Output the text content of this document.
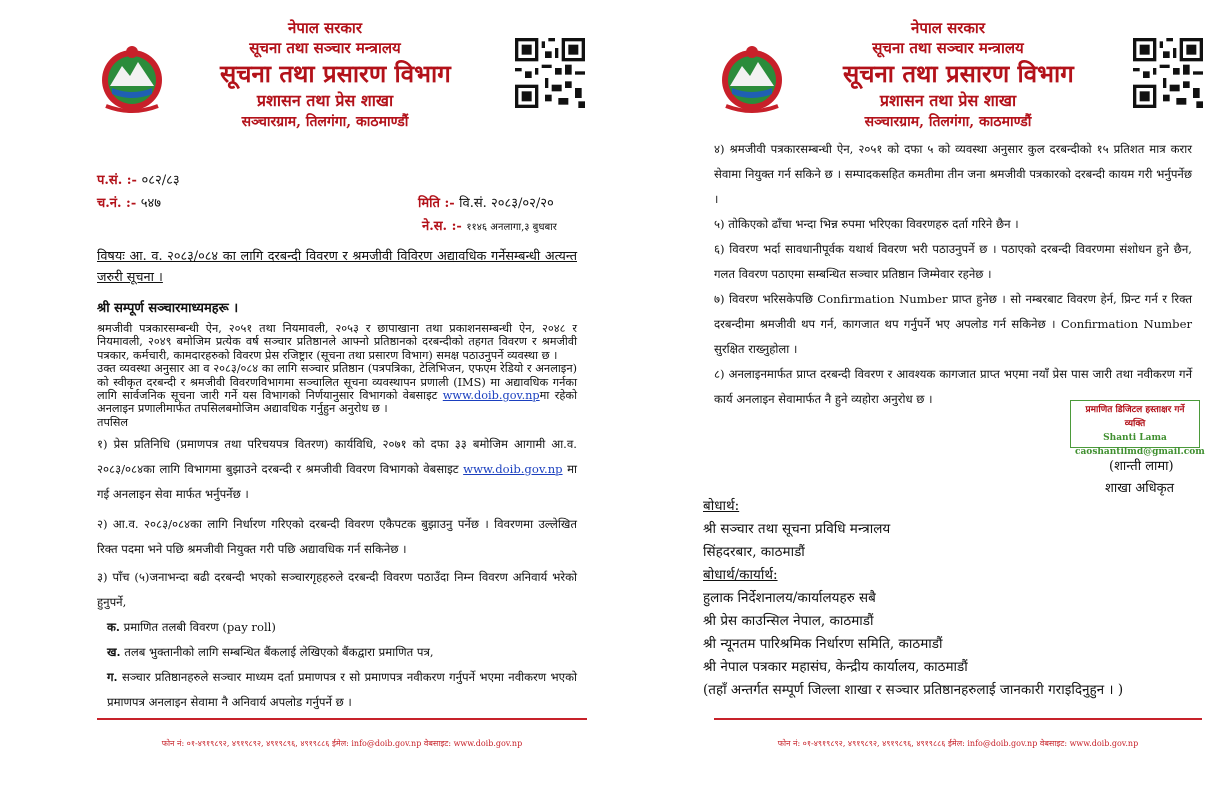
नेपाल सरकार
सूचना तथा सञ्चार मन्त्रालय
सूचना तथा प्रसारण विभाग
प्रशासन तथा प्रेस शाखा
सञ्चारग्राम, तिलगंगा, काठमाण्डौं
प.सं. :- ०८२/८३
च.नं. :- ५४७	मिति :- वि.सं. २०८३/०२/२०
ने.स. :- ११४६ अनलागा,३ बुधबार
विषयः आ. व. २०८३/०८४ का लागि दरबन्दी विवरण र श्रमजीवी विविरण अद्यावधिक गर्नेसम्बन्धी अत्यन्त जरुरी सूचना ।
श्री सम्पूर्ण सञ्चारमाध्यमहरू ।

श्रमजीवी पत्रकारसम्बन्धी ऐन, २०५१ तथा नियमावली, २०५३ र छापाखाना तथा प्रकाशनसम्बन्धी ऐन, २०४८ र नियमावली, २०४९ बमोजिम प्रत्येक वर्ष सञ्चार प्रतिष्ठानले आफ्नो प्रतिष्ठानको दरबन्दीको तहगत विवरण र श्रमजीवी पत्रकार, कर्मचारी, कामदारहरुको विवरण प्रेस रजिष्ट्रार (सूचना तथा प्रसारण विभाग) समक्ष पठाउनुपर्ने व्यवस्था छ ।

उक्त व्यवस्था अनुसार आ व २०८३/०८४ का लागि सञ्चार प्रतिष्ठान (पत्रपत्रिका, टेलिभिजन, एफएम रेडियो र अनलाइन) को स्वीकृत दरबन्दी र श्रमजीवी विवरणविभागमा सञ्चालित सूचना व्यवस्थापन प्रणाली (IMS) मा अद्यावधिक गर्नका लागि सार्वजनिक सूचना जारी गर्ने यस विभागको निर्णयानुसार विभागको वेबसाइट www.doib.gov.npमा रहेको अनलाइन प्रणालीमार्फत तपसिलबमोजिम अद्यावधिक गर्नुहुन अनुरोध छ ।

तपसिल

१) प्रेस प्रतिनिधि (प्रमाणपत्र तथा परिचयपत्र वितरण) कार्यविधि, २०७१ को दफा ३३ बमोजिम आगामी आ.व. २०८३/०८४का लागि विभागमा बुझाउने दरबन्दी र श्रमजीवी विवरण विभागको वेबसाइट www.doib.gov.np मा गई अनलाइन सेवा मार्फत भर्नुपर्नेछ ।

२) आ.व. २०८३/०८४का लागि निर्धारण गरिएको दरबन्दी विवरण एकैपटक बुझाउनु पर्नेछ । विवरणमा उल्लेखित रिक्त पदमा भने पछि श्रमजीवी नियुक्त गरी पछि अद्यावधिक गर्न सकिनेछ ।

३) पाँच (५)जनाभन्दा बढी दरबन्दी भएको सञ्चारगृहहरुले दरबन्दी विवरण पठाउँदा निम्न विवरण अनिवार्य भरेको हुनुपर्ने,

क. प्रमाणित तलबी विवरण (pay roll)

ख. तलब भुक्तानीको लागि सम्बन्धित बैंकलाई लेखिएको बैंकद्वारा प्रमाणित पत्र,

ग. सञ्चार प्रतिष्ठानहरुले सञ्चार माध्यम दर्ता प्रमाणपत्र र सो प्रमाणपत्र नवीकरण गर्नुपर्ने भएमा नवीकरण भएको प्रमाणपत्र अनलाइन सेवामा नै अनिवार्य अपलोड गर्नुपर्ने छ ।

फोन नं: ०१-४९१९८९२, ४९१९८९२, ४९१९८९६, ४९१९८८६ ईमेल: info@doib.gov.np वेबसाइट: www.doib.gov.np
नेपाल सरकार
सूचना तथा सञ्चार मन्त्रालय
सूचना तथा प्रसारण विभाग
प्रशासन तथा प्रेस शाखा
सञ्चारग्राम, तिलगंगा, काठमाण्डौं

४) श्रमजीवी पत्रकारसम्बन्धी ऐन, २०५१ को दफा ५ को व्यवस्था अनुसार कुल दरबन्दीको १५ प्रतिशत मात्र करार सेवामा नियुक्त गर्न सकिने छ । सम्पादकसहित कमतीमा तीन जना श्रमजीवी पत्रकारको दरबन्दी कायम गरी भर्नुपर्नेछ ।

५) तोकिएको ढाँचा भन्दा भिन्न रुपमा भरिएका विवरणहरु दर्ता गरिने छैन ।

६) विवरण भर्दा सावधानीपूर्वक यथार्थ विवरण भरी पठाउनुपर्ने छ । पठाएको दरबन्दी विवरणमा संशोधन हुने छैन, गलत विवरण पठाएमा सम्बन्धित सञ्चार प्रतिष्ठान जिम्मेवार रहनेछ ।

७) विवरण भरिसकेपछि Confirmation Number प्राप्त हुनेछ । सो नम्बरबाट विवरण हेर्न, प्रिन्ट गर्न र रिक्त दरबन्दीमा श्रमजीवी थप गर्न, कागजात थप गर्नुपर्ने भए अपलोड गर्न सकिनेछ । Confirmation Number सुरक्षित राख्नुहोला ।

८) अनलाइनमार्फत प्राप्त दरबन्दी विवरण र आवश्यक कागजात प्राप्त भएमा नयाँ प्रेस पास जारी तथा नवीकरण गर्ने कार्य अनलाइन सेवामार्फत नै हुने व्यहोरा अनुरोध छ ।

प्रमाणित डिजिटल हस्ताक्षर गर्ने व्यक्ति
Shanti Lama
caoshantilmd@gmail.com
(शान्ती लामा)
शाखा अधिकृत

बोधार्थ:

श्री सञ्चार तथा सूचना प्रविधि मन्त्रालय

सिंहदरबार, काठमाडौं

बोधार्थ/कार्यार्थ:

हुलाक निर्देशनालय/कार्यालयहरु सबै

श्री प्रेस काउन्सिल नेपाल, काठमाडौं

श्री न्यूनतम पारिश्रमिक निर्धारण समिति, काठमाडौं

श्री नेपाल पत्रकार महासंघ, केन्द्रीय कार्यालय, काठमाडौं

(तहाँ अन्तर्गत सम्पूर्ण जिल्ला शाखा र सञ्चार प्रतिष्ठानहरुलाई जानकारी गराइदिनुहुन । )

फोन नं: ०१-४९१९८९२, ४९१९८९२, ४९१९८९६, ४९१९८८६ ईमेल: info@doib.gov.np वेबसाइट: www.doib.gov.np
